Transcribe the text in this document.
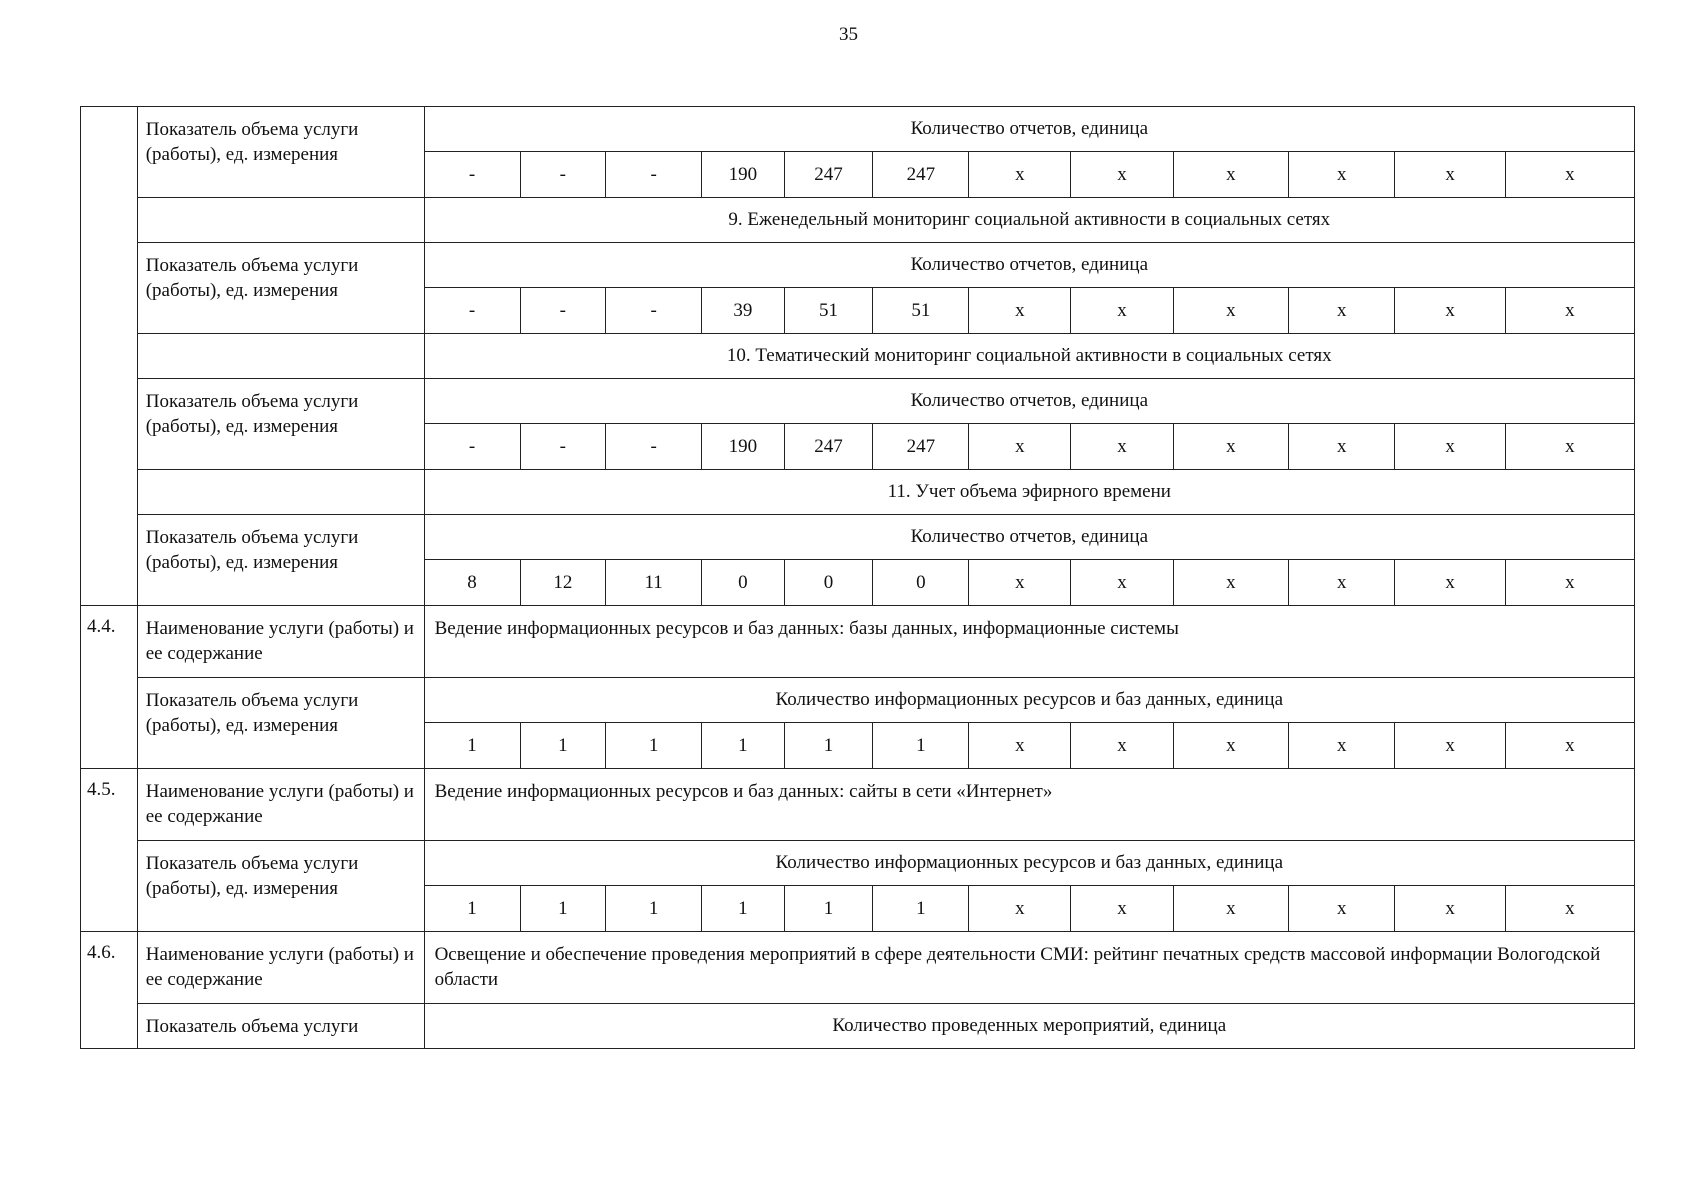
35
	Показатель объема услуги (работы), ед. измерения	Количество отчетов, единица											
		-	-	-	190	247	247	x	x	x	x	x	x
		9. Еженедельный мониторинг социальной активности в социальных сетях											
	Показатель объема услуги (работы), ед. измерения	Количество отчетов, единица											
		-	-	-	39	51	51	x	x	x	x	x	x
		10. Тематический мониторинг социальной активности в социальных сетях											
	Показатель объема услуги (работы), ед. измерения	Количество отчетов, единица											
		-	-	-	190	247	247	x	x	x	x	x	x
		11. Учет объема эфирного времени											
	Показатель объема услуги (работы), ед. измерения	Количество отчетов, единица											
		8	12	11	0	0	0	x	x	x	x	x	x
4.4.	Наименование услуги (работы) и ее содержание	Ведение информационных ресурсов и баз данных: базы данных, информационные системы											
	Показатель объема услуги (работы), ед. измерения	Количество информационных ресурсов и баз данных, единица											
		1	1	1	1	1	1	x	x	x	x	x	x
4.5.	Наименование услуги (работы) и ее содержание	Ведение информационных ресурсов и баз данных: сайты в сети «Интернет»											
	Показатель объема услуги (работы), ед. измерения	Количество информационных ресурсов и баз данных, единица											
		1	1	1	1	1	1	x	x	x	x	x	x
4.6.	Наименование услуги (работы) и ее содержание	Освещение и обеспечение проведения мероприятий в сфере деятельности СМИ: рейтинг печатных средств массовой информации Вологодской области											
	Показатель объема услуги	Количество проведенных мероприятий, единица											
